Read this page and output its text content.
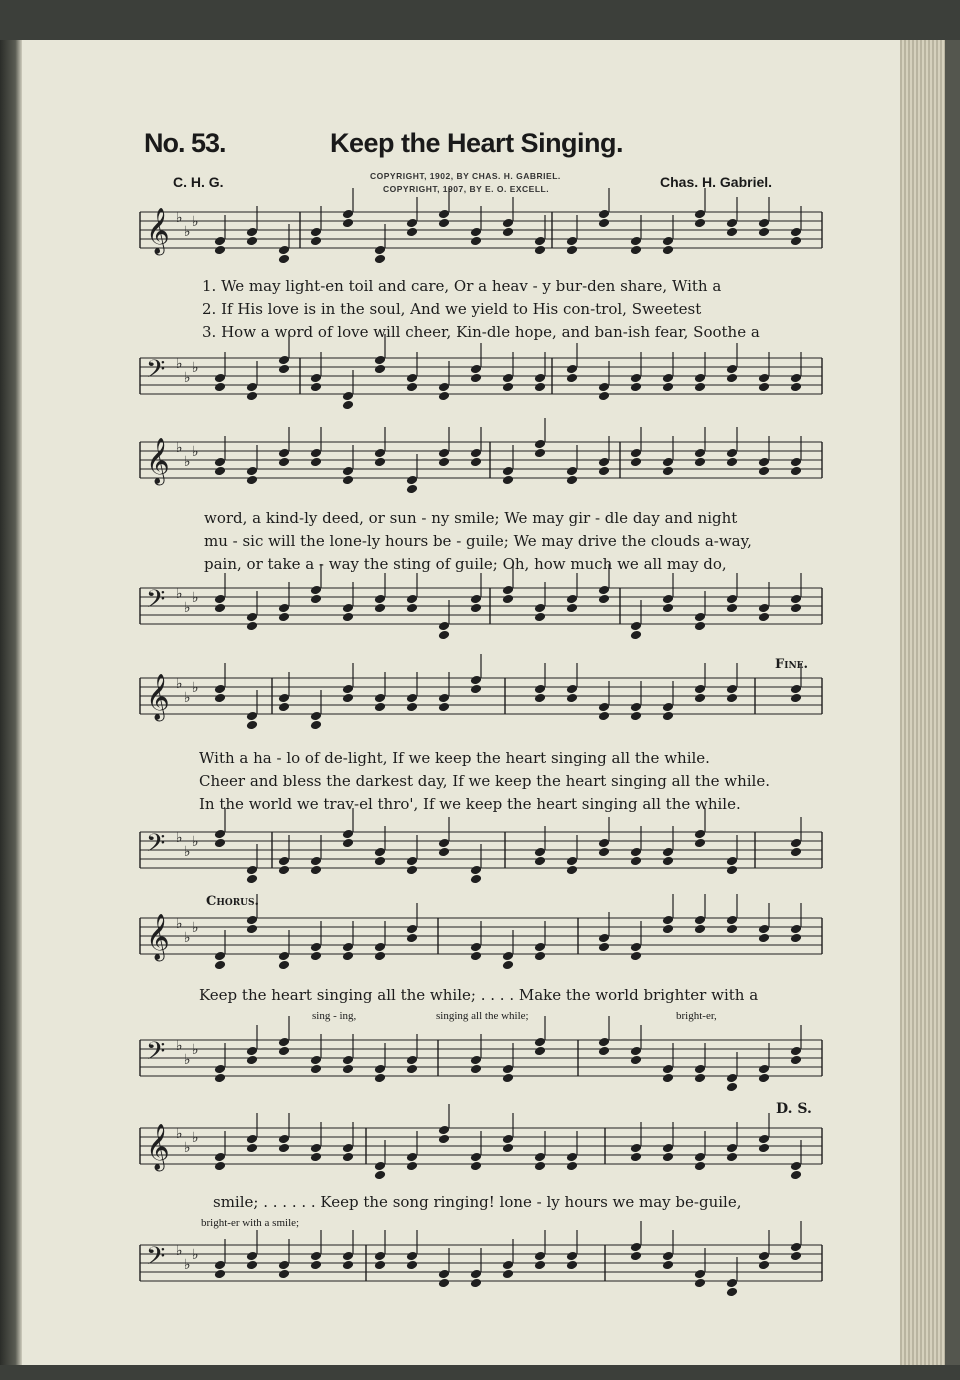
No. 53.	Keep the Heart Singing.
C. H. G.	Chas. H. Gabriel.
COPYRIGHT, 1902, BY CHAS. H. GABRIEL.
COPYRIGHT, 1907, BY E. O. EXCELL.
𝄞 ♭
♭
♭
𝄢 ♭
♭
♭
𝄞 ♭
♭
♭
𝄢 ♭
♭
♭
𝄞 ♭
♭
♭
𝄢 ♭
♭
♭
𝄞 ♭
♭
♭
𝄢 ♭
♭
♭
𝄞 ♭
♭
♭
𝄢 ♭
♭
♭
1. We may light-en toil and care, Or a heav - y bur-den share, With a
2. If His love is in the soul, And we yield to His con-trol, Sweetest
3. How a word of love will cheer, Kin-dle hope, and ban-ish fear, Soothe a
word, a kind-ly deed, or sun - ny smile; We may gir - dle day and night
mu - sic will the lone-ly hours be - guile; We may drive the clouds a-way,
pain, or take a - way the sting of guile; Oh, how much we all may do,
With a ha - lo of de-light, If we keep the heart singing all the while.
Cheer and bless the darkest day, If we keep the heart singing all the while.
In the world we trav-el thro', If we keep the heart singing all the while.
Fine.
Chorus.
D. S.
Keep the heart singing all the while; . . . . Make the world brighter with a
sing - ing,	singing all the while;	bright-er,
smile; . . . . . . Keep the song ringing! lone - ly hours we may be-guile,
bright-er with a smile;
